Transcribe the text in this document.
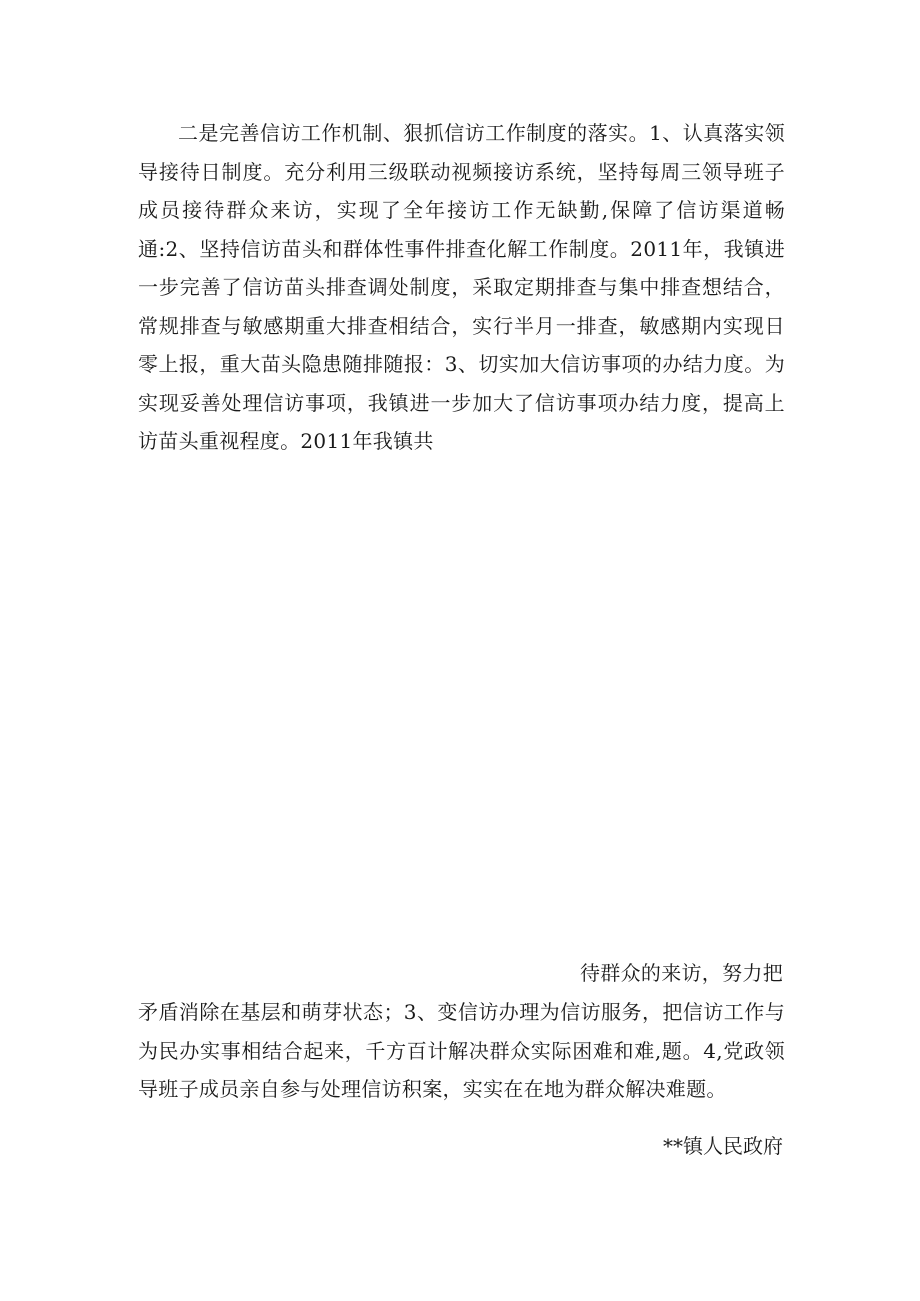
二是完善信访工作机制、狠抓信访工作制度的落实。1、认真落实领导接待日制度。充分利用三级联动视频接访系统，坚持每周三领导班子成员接待群众来访，实现了全年接访工作无缺勤,保障了信访渠道畅通:2、坚持信访苗头和群体性事件排查化解工作制度。2011年，我镇进一步完善了信访苗头排查调处制度，采取定期排查与集中排查想结合，常规排查与敏感期重大排查相结合，实行半月一排查，敏感期内实现日零上报，重大苗头隐患随排随报：3、切实加大信访事项的办结力度。为实现妥善处理信访事项，我镇进一步加大了信访事项办结力度，提高上访苗头重视程度。2011年我镇共

待群众的来访，努力把

矛盾消除在基层和萌芽状态；3、变信访办理为信访服务，把信访工作与为民办实事相结合起来，千方百计解决群众实际困难和难,题。4,党政领导班子成员亲自参与处理信访积案，实实在在地为群众解决难题。

**镇人民政府
